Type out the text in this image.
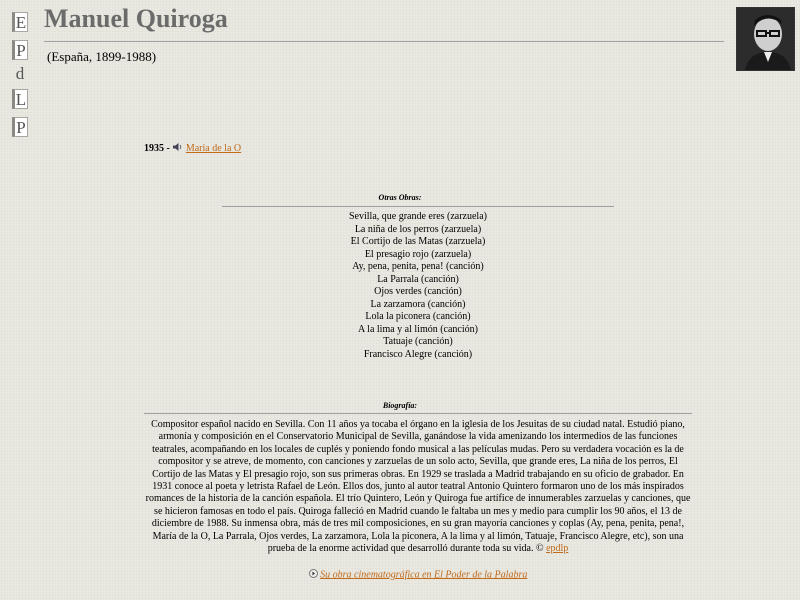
E
P
d
L
P
Manuel Quiroga
(España, 1899-1988)
1935 - Maria de la O
Otras Obras:
Sevilla, que grande eres (zarzuela)
La niña de los perros (zarzuela)
El Cortijo de las Matas (zarzuela)
El presagio rojo (zarzuela)
Ay, pena, penita, pena! (canción)
La Parrala (canción)
Ojos verdes (canción)
La zarzamora (canción)
Lola la piconera (canción)
A la lima y al limón (canción)
Tatuaje (canción)
Francisco Alegre (canción)
Biografía:
Compositor español nacido en Sevilla. Con 11 años ya tocaba el órgano en la iglesia de los Jesuitas de su ciudad natal. Estudió piano, armonía y composición en el Conservatorio Municipal de Sevilla, ganándose la vida amenizando los intermedios de las funciones teatrales, acompañando en los locales de cuplés y poniendo fondo musical a las películas mudas. Pero su verdadera vocación es la de compositor y se atreve, de momento, con canciones y zarzuelas de un solo acto, Sevilla, que grande eres, La niña de los perros, El Cortijo de las Matas y El presagio rojo, son sus primeras obras. En 1929 se traslada a Madrid trabajando en su oficio de grabador. En 1931 conoce al poeta y letrista Rafael de León. Ellos dos, junto al autor teatral Antonio Quintero formaron uno de los más inspirados romances de la historia de la canción española. El trío Quintero, León y Quiroga fue artífice de innumerables zarzuelas y canciones, que se hicieron famosas en todo el país. Quiroga falleció en Madrid cuando le faltaba un mes y medio para cumplir los 90 años, el 13 de diciembre de 1988. Su inmensa obra, más de tres mil composiciones, en su gran mayoría canciones y coplas (Ay, pena, penita, pena!, María de la O, La Parrala, Ojos verdes, La zarzamora, Lola la piconera, A la lima y al limón, Tatuaje, Francisco Alegre, etc), son una prueba de la enorme actividad que desarrolló durante toda su vida. © epdlp
Su obra cinematográfica en El Poder de la Palabra
